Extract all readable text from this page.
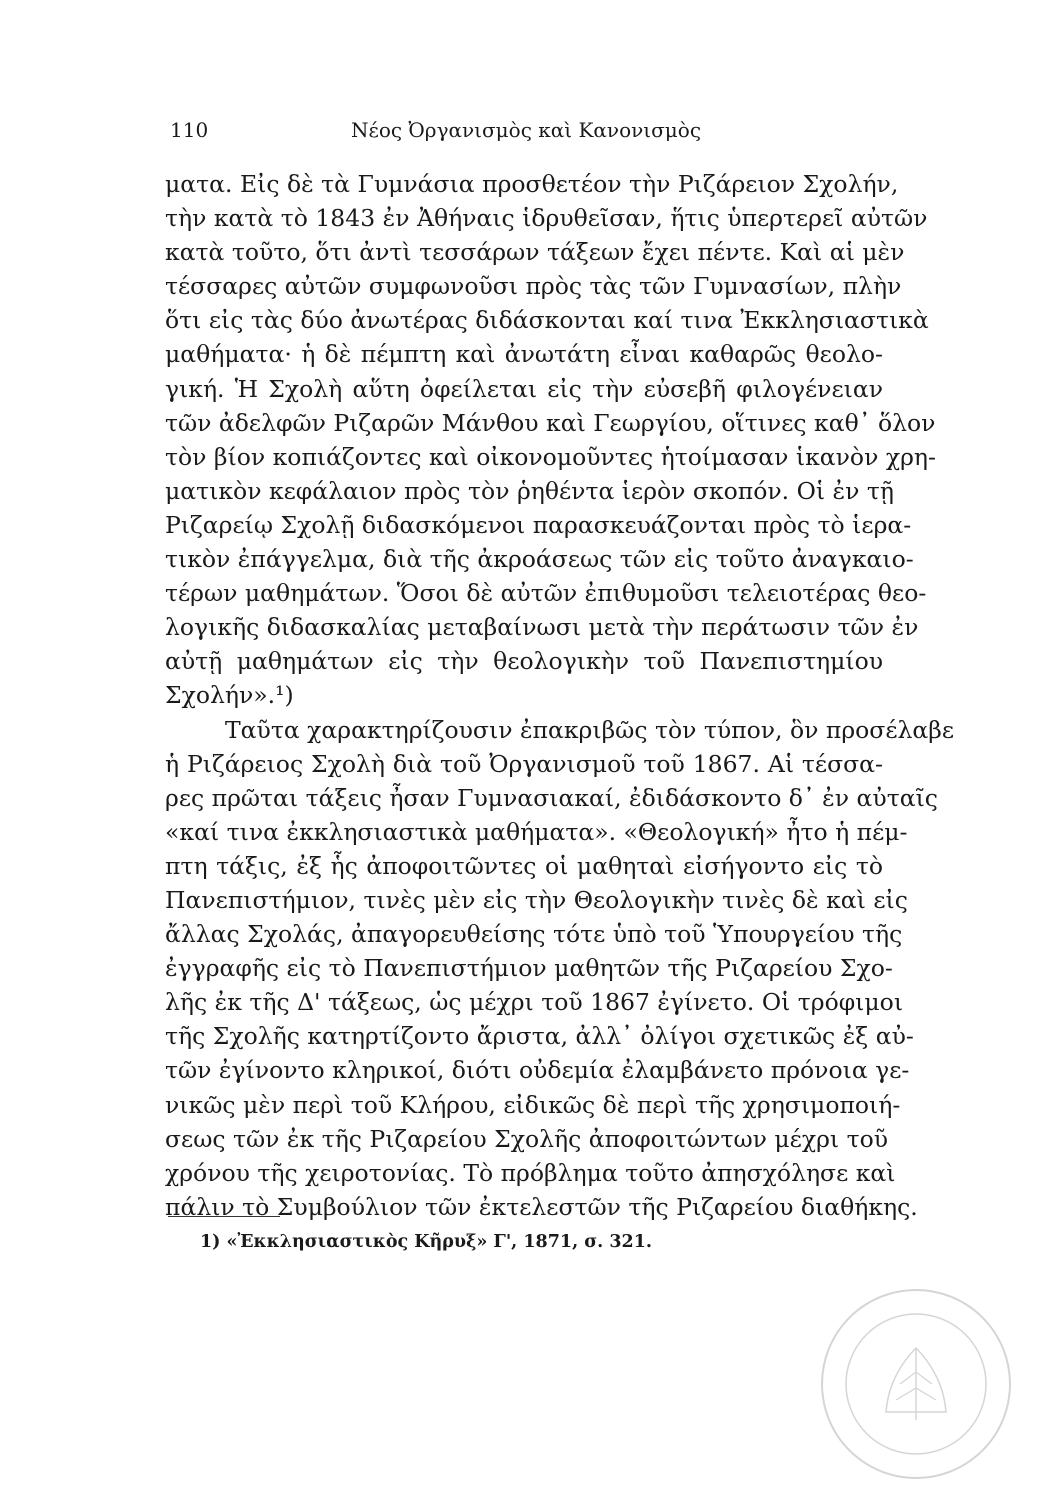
110	Νέος Ὀργανισμὸς καὶ Κανονισμὸς
ματα. Εἰς δὲ τὰ Γυμνάσια προσθετέον τὴν Ριζάρειον Σχολήν,
τὴν κατὰ τὸ 1843 ἐν Ἀθήναις ἱδρυθεῖσαν, ἥτις ὑπερτερεῖ αὐτῶν
κατὰ τοῦτο, ὅτι ἀντὶ τεσσάρων τάξεων ἔχει πέντε. Καὶ αἱ μὲν
τέσσαρες αὐτῶν συμφωνοῦσι πρὸς τὰς τῶν Γυμνασίων, πλὴν
ὅτι εἰς τὰς δύο ἀνωτέρας διδάσκονται καί τινα Ἐκκλησιαστικὰ
μαθήματα· ἡ δὲ πέμπτη καὶ ἀνωτάτη εἶναι καθαρῶς θεολο-
γική. Ἡ Σχολὴ αὕτη ὀφείλεται εἰς τὴν εὐσεβῆ φιλογένειαν
τῶν ἀδελφῶν Ριζαρῶν Μάνθου καὶ Γεωργίου, οἵτινες καθ᾽ ὅλον
τὸν βίον κοπιάζοντες καὶ οἰκονομοῦντες ἡτοίμασαν ἱκανὸν χρη-
ματικὸν κεφάλαιον πρὸς τὸν ῥηθέντα ἱερὸν σκοπόν. Οἱ ἐν τῇ
Ριζαρείῳ Σχολῇ διδασκόμενοι παρασκευάζονται πρὸς τὸ ἱερα-
τικὸν ἐπάγγελμα, διὰ τῆς ἀκροάσεως τῶν εἰς τοῦτο ἀναγκαιο-
τέρων μαθημάτων. Ὅσοι δὲ αὐτῶν ἐπιθυμοῦσι τελειοτέρας θεο-
λογικῆς διδασκαλίας μεταβαίνωσι μετὰ τὴν περάτωσιν τῶν ἐν
αὐτῇ μαθημάτων εἰς τὴν θεολογικὴν τοῦ Πανεπιστημίου
Σχολήν».¹)
Ταῦτα χαρακτηρίζουσιν ἐπακριβῶς τὸν τύπον, ὃν προσέλαβε
ἡ Ριζάρειος Σχολὴ διὰ τοῦ Ὀργανισμοῦ τοῦ 1867. Αἱ τέσσα-
ρες πρῶται τάξεις ἦσαν Γυμνασιακαί, ἐδιδάσκοντο δ᾽ ἐν αὐταῖς
«καί τινα ἐκκλησιαστικὰ μαθήματα». «Θεολογική» ἦτο ἡ πέμ-
πτη τάξις, ἐξ ἧς ἀποφοιτῶντες οἱ μαθηταὶ εἰσήγοντο εἰς τὸ
Πανεπιστήμιον, τινὲς μὲν εἰς τὴν Θεολογικὴν τινὲς δὲ καὶ εἰς
ἄλλας Σχολάς, ἀπαγορευθείσης τότε ὑπὸ τοῦ Ὑπουργείου τῆς
ἐγγραφῆς εἰς τὸ Πανεπιστήμιον μαθητῶν τῆς Ριζαρείου Σχο-
λῆς ἐκ τῆς Δ' τάξεως, ὡς μέχρι τοῦ 1867 ἐγίνετο. Οἱ τρόφιμοι
τῆς Σχολῆς κατηρτίζοντο ἄριστα, ἀλλ᾽ ὀλίγοι σχετικῶς ἐξ αὐ-
τῶν ἐγίνοντο κληρικοί, διότι οὐδεμία ἐλαμβάνετο πρόνοια γε-
νικῶς μὲν περὶ τοῦ Κλήρου, εἰδικῶς δὲ περὶ τῆς χρησιμοποιή-
σεως τῶν ἐκ τῆς Ριζαρείου Σχολῆς ἀποφοιτώντων μέχρι τοῦ
χρόνου τῆς χειροτονίας. Τὸ πρόβλημα τοῦτο ἀπησχόλησε καὶ
πάλιν τὸ Συμβούλιον τῶν ἐκτελεστῶν τῆς Ριζαρείου διαθήκης.
1) «Ἐκκλησιαστικὸς Κῆρυξ» Γ', 1871, σ. 321.
